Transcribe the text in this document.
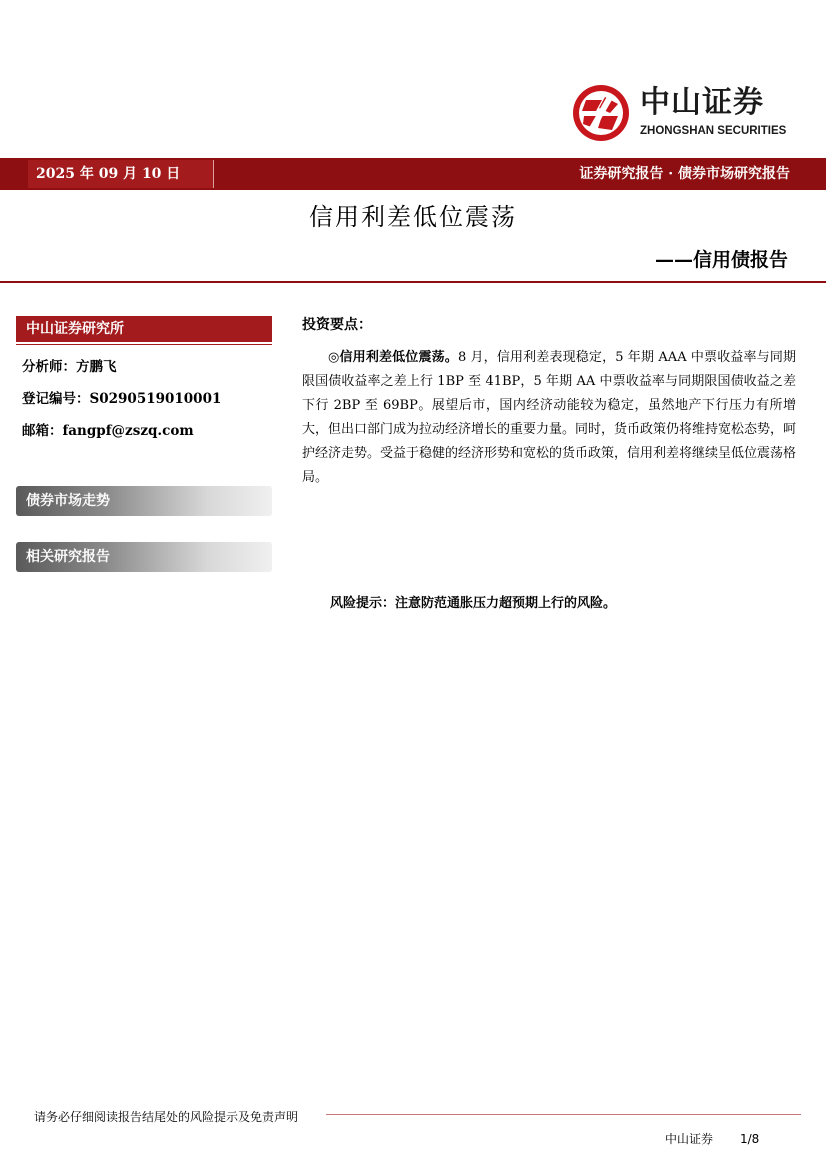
中山证券
ZHONGSHAN SECURITIES
2025 年 09 月 10 日	证券研究报告 · 债券市场研究报告
信用利差低位震荡
——信用债报告
中山证券研究所
分析师：方鹏飞
登记编号：S0290519010001
邮箱：fangpf@zszq.com
债券市场走势
相关研究报告
投资要点：
◎信用利差低位震荡。8 月，信用利差表现稳定，5 年期 AAA 中票收益率与同期限国债收益率之差上行 1BP 至 41BP，5 年期 AA 中票收益率与同期限国债收益之差下行 2BP 至 69BP。展望后市，国内经济动能较为稳定，虽然地产下行压力有所增大，但出口部门成为拉动经济增长的重要力量。同时，货币政策仍将维持宽松态势，呵护经济走势。受益于稳健的经济形势和宽松的货币政策，信用利差将继续呈低位震荡格局。
风险提示：注意防范通胀压力超预期上行的风险。
请务必仔细阅读报告结尾处的风险提示及免责声明
中山证券 1/8
